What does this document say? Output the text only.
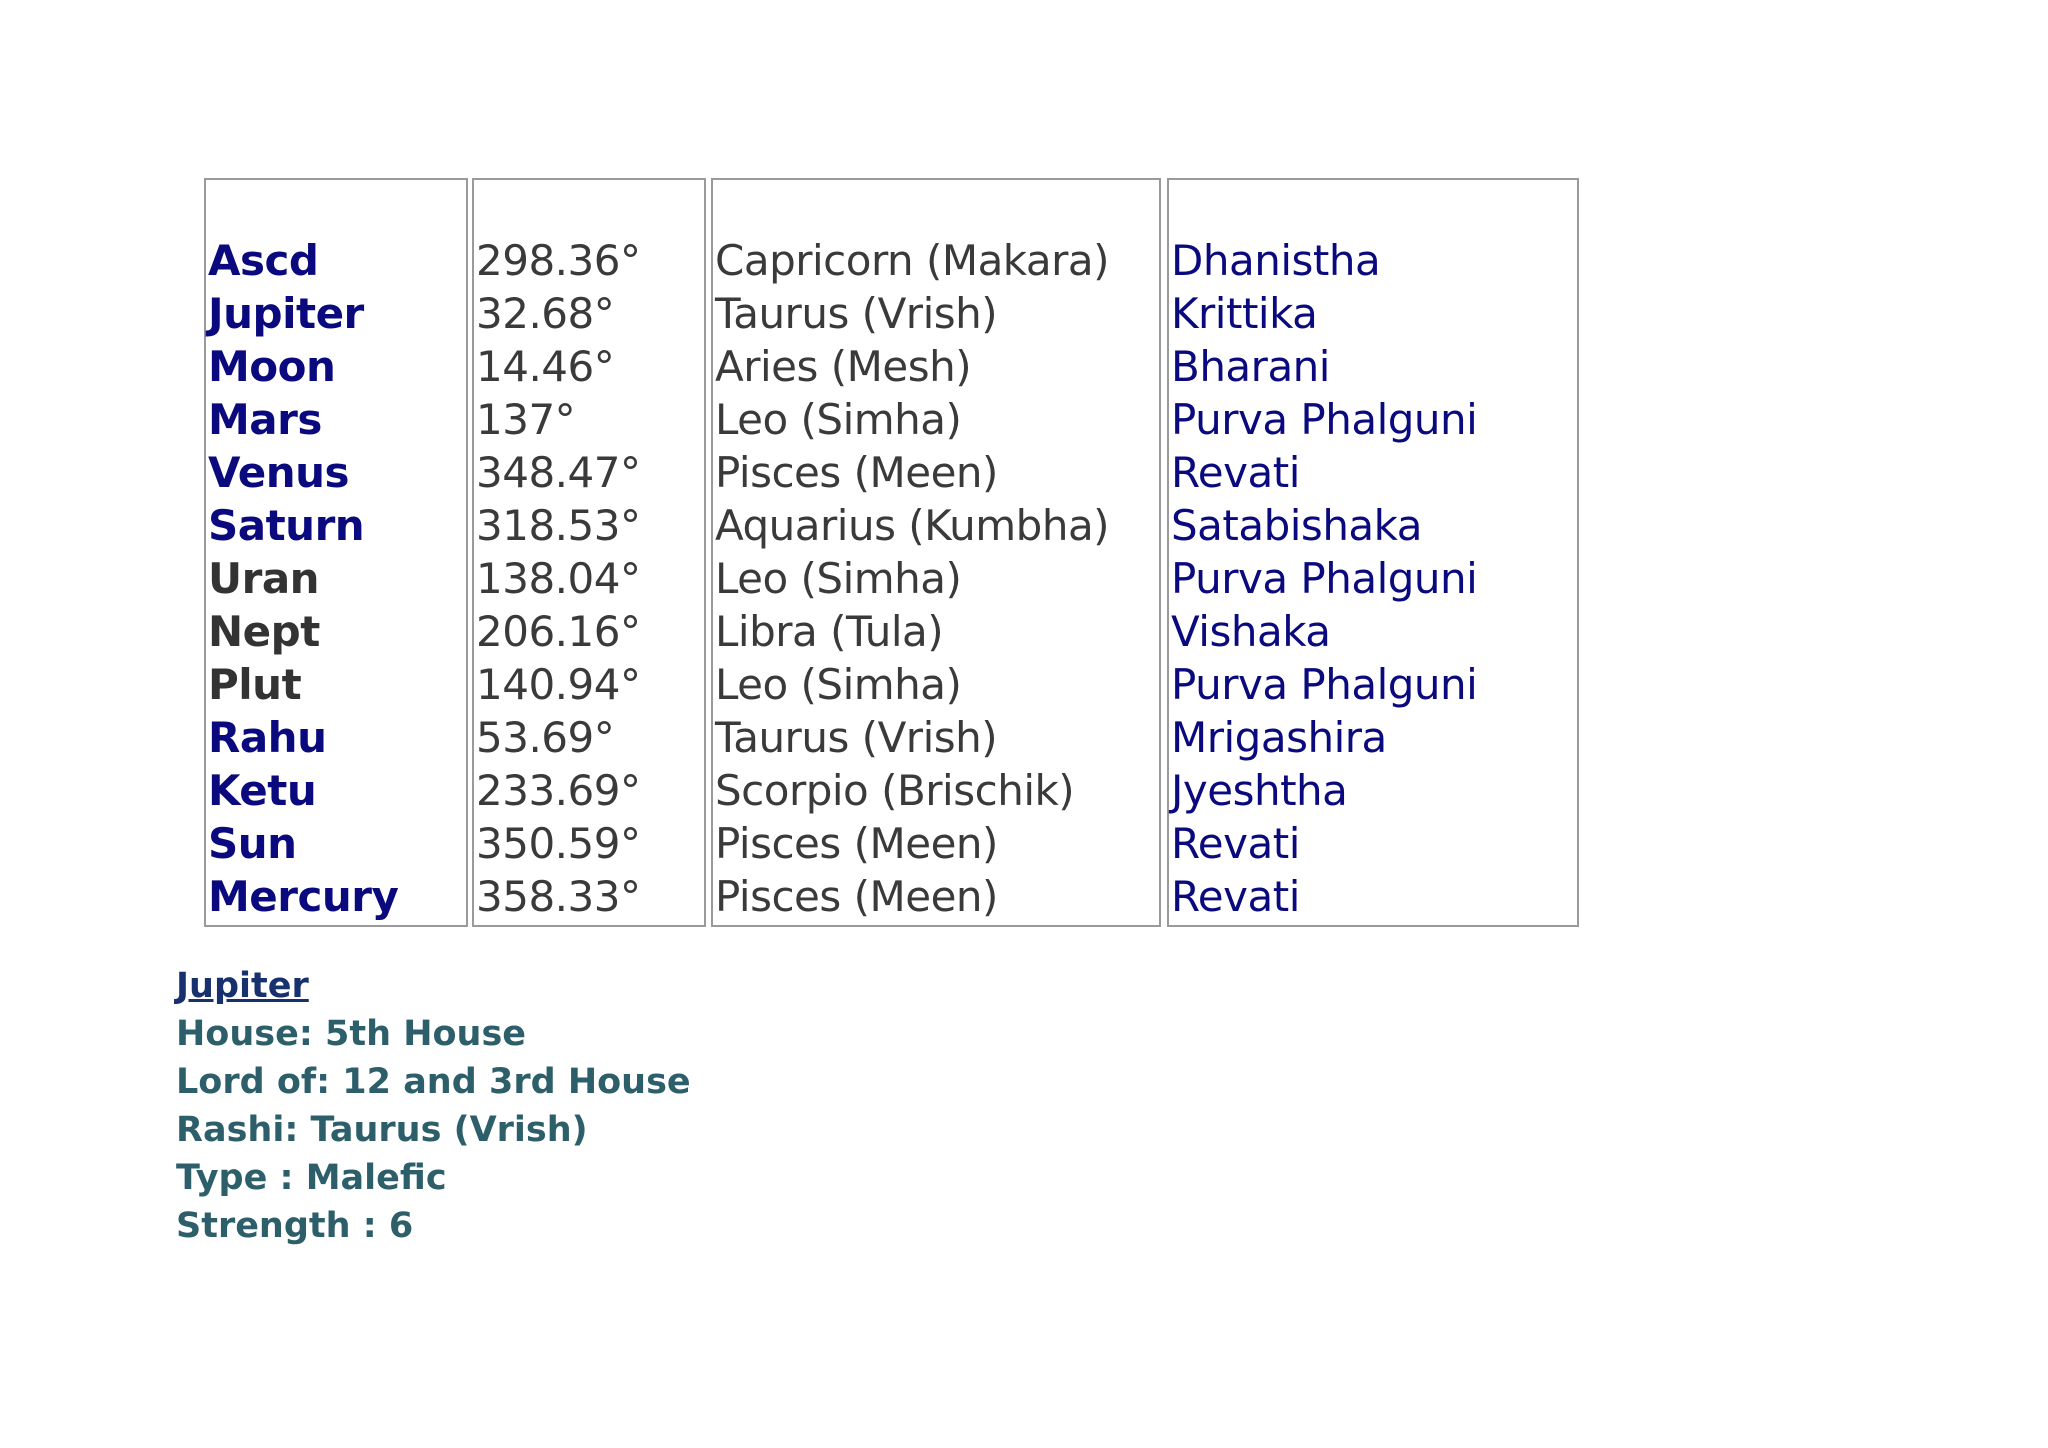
Ascd
Jupiter
Moon
Mars
Venus
Saturn
Uran
Nept
Plut
Rahu
Ketu
Sun
Mercury
298.36°
32.68°
14.46°
137°
348.47°
318.53°
138.04°
206.16°
140.94°
53.69°
233.69°
350.59°
358.33°
Capricorn (Makara)
Taurus (Vrish)
Aries (Mesh)
Leo (Simha)
Pisces (Meen)
Aquarius (Kumbha)
Leo (Simha)
Libra (Tula)
Leo (Simha)
Taurus (Vrish)
Scorpio (Brischik)
Pisces (Meen)
Pisces (Meen)
Dhanistha
Krittika
Bharani
Purva Phalguni
Revati
Satabishaka
Purva Phalguni
Vishaka
Purva Phalguni
Mrigashira
Jyeshtha
Revati
Revati
Jupiter
House: 5th House
Lord of: 12 and 3rd House
Rashi: Taurus (Vrish)
Type : Malefic
Strength : 6
